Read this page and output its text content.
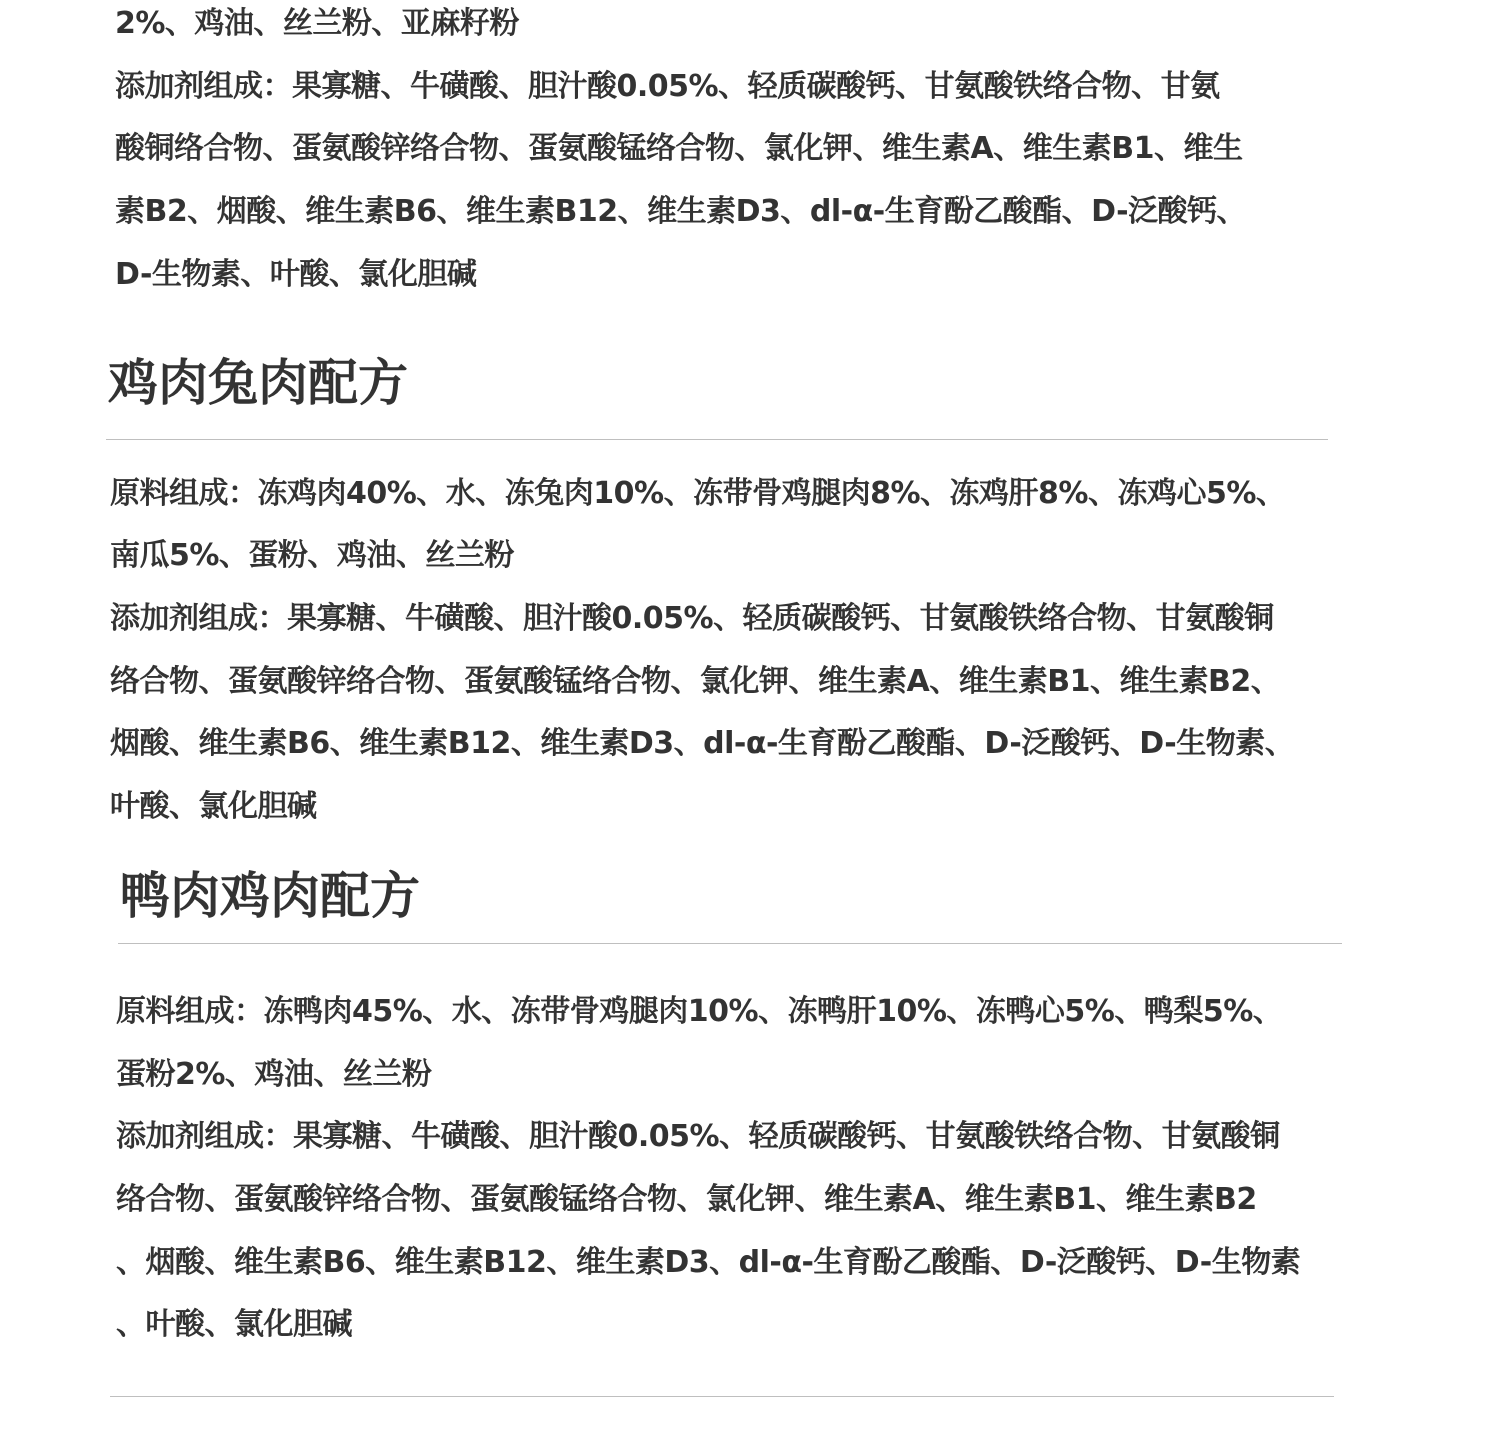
2%、鸡油、丝兰粉、亚麻籽粉

添加剂组成：果寡糖、牛磺酸、胆汁酸0.05%、轻质碳酸钙、甘氨酸铁络合物、甘氨

酸铜络合物、蛋氨酸锌络合物、蛋氨酸锰络合物、氯化钾、维生素A、维生素B1、维生

素B2、烟酸、维生素B6、维生素B12、维生素D3、dl-α-生育酚乙酸酯、D-泛酸钙、

D-生物素、叶酸、氯化胆碱

鸡肉兔肉配方

原料组成：冻鸡肉40%、水、冻兔肉10%、冻带骨鸡腿肉8%、冻鸡肝8%、冻鸡心5%、

南瓜5%、蛋粉、鸡油、丝兰粉

添加剂组成：果寡糖、牛磺酸、胆汁酸0.05%、轻质碳酸钙、甘氨酸铁络合物、甘氨酸铜

络合物、蛋氨酸锌络合物、蛋氨酸锰络合物、氯化钾、维生素A、维生素B1、维生素B2、

烟酸、维生素B6、维生素B12、维生素D3、dl-α-生育酚乙酸酯、D-泛酸钙、D-生物素、

叶酸、氯化胆碱

鸭肉鸡肉配方

原料组成：冻鸭肉45%、水、冻带骨鸡腿肉10%、冻鸭肝10%、冻鸭心5%、鸭梨5%、

蛋粉2%、鸡油、丝兰粉

添加剂组成：果寡糖、牛磺酸、胆汁酸0.05%、轻质碳酸钙、甘氨酸铁络合物、甘氨酸铜

络合物、蛋氨酸锌络合物、蛋氨酸锰络合物、氯化钾、维生素A、维生素B1、维生素B2

、烟酸、维生素B6、维生素B12、维生素D3、dl-α-生育酚乙酸酯、D-泛酸钙、D-生物素

、叶酸、氯化胆碱
